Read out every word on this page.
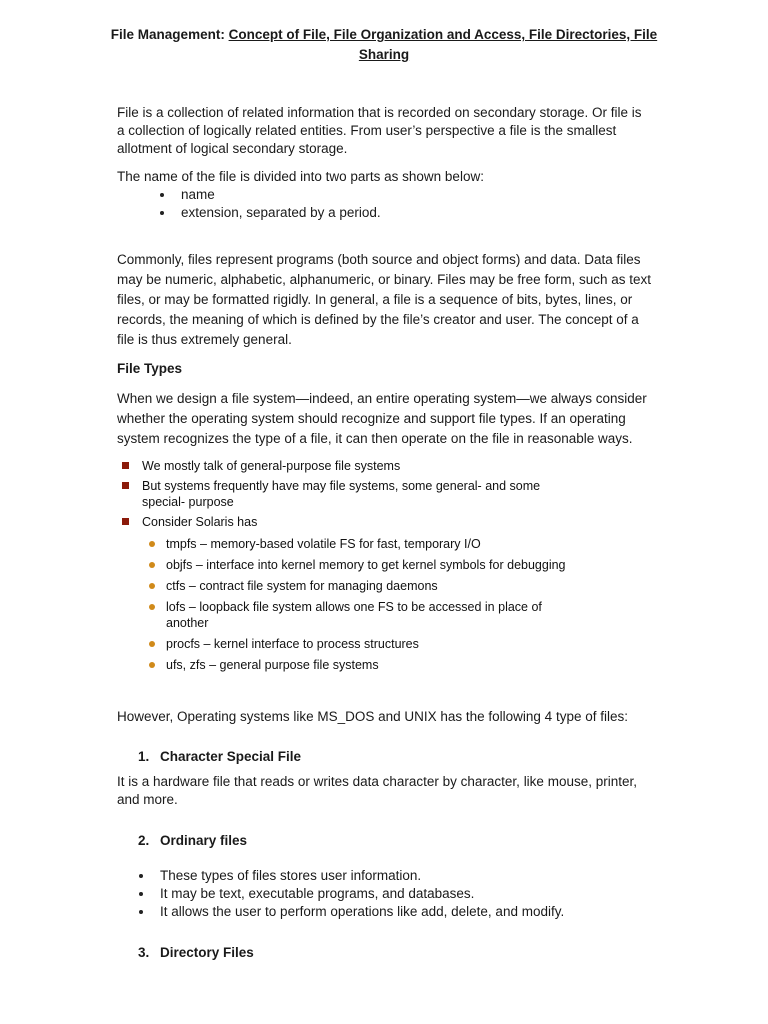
File Management: Concept of File, File Organization and Access, File Directories, File Sharing

File is a collection of related information that is recorded on secondary storage. Or file is a collection of logically related entities. From user’s perspective a file is the smallest allotment of logical secondary storage.

The name of the file is divided into two parts as shown below:

name
extension, separated by a period.

Commonly, files represent programs (both source and object forms) and data. Data files may be numeric, alphabetic, alphanumeric, or binary. Files may be free form, such as text files, or may be formatted rigidly. In general, a file is a sequence of bits, bytes, lines, or records, the meaning of which is defined by the file’s creator and user. The concept of a file is thus extremely general.

File Types

When we design a file system—indeed, an entire operating system—we always consider whether the operating system should recognize and support file types. If an operating system recognizes the type of a file, it can then operate on the file in reasonable ways.

We mostly talk of general-purpose file systems
But systems frequently have may file systems, some general- and some special- purpose
Consider Solaris has
tmpfs – memory-based volatile FS for fast, temporary I/O
objfs – interface into kernel memory to get kernel symbols for debugging
ctfs – contract file system for managing daemons
lofs – loopback file system allows one FS to be accessed in place of another
procfs – kernel interface to process structures
ufs, zfs – general purpose file systems

However, Operating systems like MS_DOS and UNIX has the following 4 type of files:

1. Character Special File

It is a hardware file that reads or writes data character by character, like mouse, printer, and more.

2. Ordinary files

These types of files stores user information.
It may be text, executable programs, and databases.
It allows the user to perform operations like add, delete, and modify.

3. Directory Files
